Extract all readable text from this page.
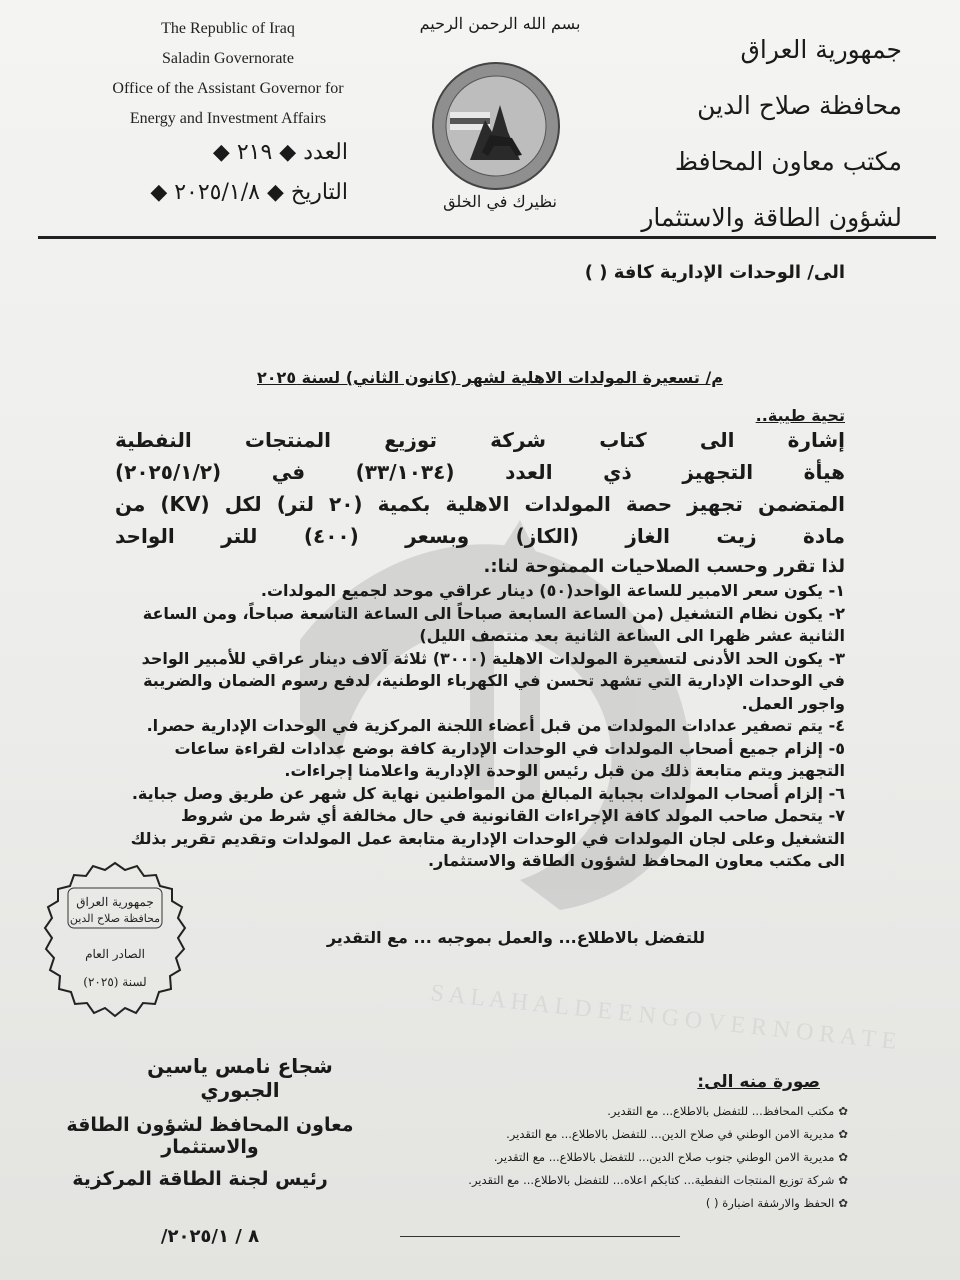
S A L A H A L D E E N G O V E R N O R A T E
The Republic of Iraq
Saladin Governorate
Office of the Assistant Governor for
Energy and Investment Affairs
العدد ◆ ٢١٩ ◆
التاريخ ◆ ٢٠٢٥/١/٨ ◆
بسم الله الرحمن الرحيم
نظيرك في الخلق
جمهورية العراق
محافظة صلاح الدين
مكتب معاون المحافظ
لشؤون الطاقة والاستثمار
الى/ الوحدات الإدارية كافة ( )
م/ تسعيرة المولدات الاهلية لشهر (كانون الثاني) لسنة ٢٠٢٥
تحية طيبة..
إشارة الى كتاب شركة توزيع المنتجات النفطية
هيأة التجهيز ذي العدد (٣٣/١٠٣٤) في (٢٠٢٥/١/٢)
المتضمن تجهيز حصة المولدات الاهلية بكمية (٢٠ لتر) لكل (KV) من
مادة زيت الغاز (الكاز) وبسعر (٤٠٠) للتر الواحد
لذا تقرر وحسب الصلاحيات الممنوحة لنا:.

١- يكون سعر الامبير للساعة الواحد(٥٠) دينار عراقي موحد لجميع المولدات.

٢- يكون نظام التشغيل (من الساعة السابعة صباحاً الى الساعة التاسعة صباحاً، ومن الساعة الثانية عشر ظهرا الى الساعة الثانية بعد منتصف الليل)

٣- يكون الحد الأدنى لتسعيرة المولدات الاهلية (٣٠٠٠) ثلاثة آلاف دينار عراقي للأمبير الواحد في الوحدات الإدارية التي تشهد تحسن في الكهرباء الوطنية، لدفع رسوم الضمان والضريبة واجور العمل.

٤- يتم تصفير عدادات المولدات من قبل أعضاء اللجنة المركزية في الوحدات الإدارية حصرا.

٥- إلزام جميع أصحاب المولدات في الوحدات الإدارية كافة بوضع عدادات لقراءة ساعات التجهيز ويتم متابعة ذلك من قبل رئيس الوحدة الإدارية واعلامنا إجراءات.

٦- إلزام أصحاب المولدات بجباية المبالغ من المواطنين نهاية كل شهر عن طريق وصل جباية.

٧- يتحمل صاحب المولد كافة الإجراءات القانونية في حال مخالفة أي شرط من شروط التشغيل وعلى لجان المولدات في الوحدات الإدارية متابعة عمل المولدات وتقديم تقرير بذلك الى مكتب معاون المحافظ لشؤون الطاقة والاستثمار.

للتفضل بالاطلاع... والعمل بموجبه ... مع التقدير
جمهورية العراق
محافظة صلاح الدين
الصادر العام
لسنة (٢٠٢٥)
شجاع نامس ياسين الجبوري
معاون المحافظ لشؤون الطاقة والاستثمار
رئيس لجنة الطاقة المركزية
٨ / ٢٠٢٥/١/
صورة منه الى:
✿مكتب المحافظ... للتفضل بالاطلاع... مع التقدير.
✿مديرية الامن الوطني في صلاح الدين... للتفضل بالاطلاع... مع التقدير.
✿مديرية الامن الوطني جنوب صلاح الدين... للتفضل بالاطلاع... مع التقدير.
✿شركة توزيع المنتجات النفطية... كتابكم اعلاه... للتفضل بالاطلاع... مع التقدير.
✿الحفظ والارشفة اضبارة ( )
